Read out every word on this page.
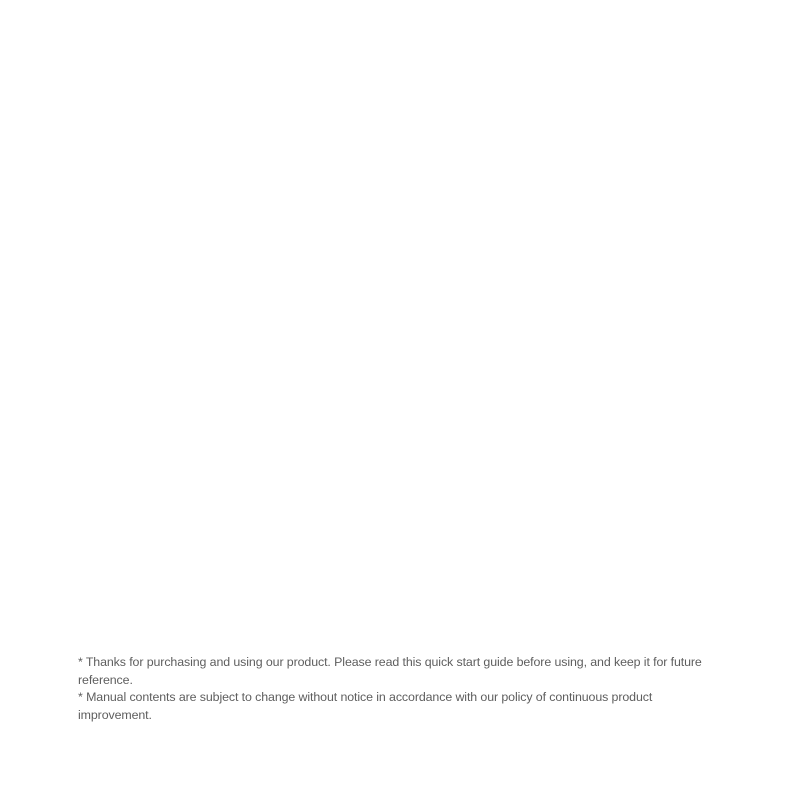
* Thanks for purchasing and using our product. Please read this quick start guide before using, and keep it for future reference.

* Manual contents are subject to change without notice in accordance with our policy of continuous product improvement.
